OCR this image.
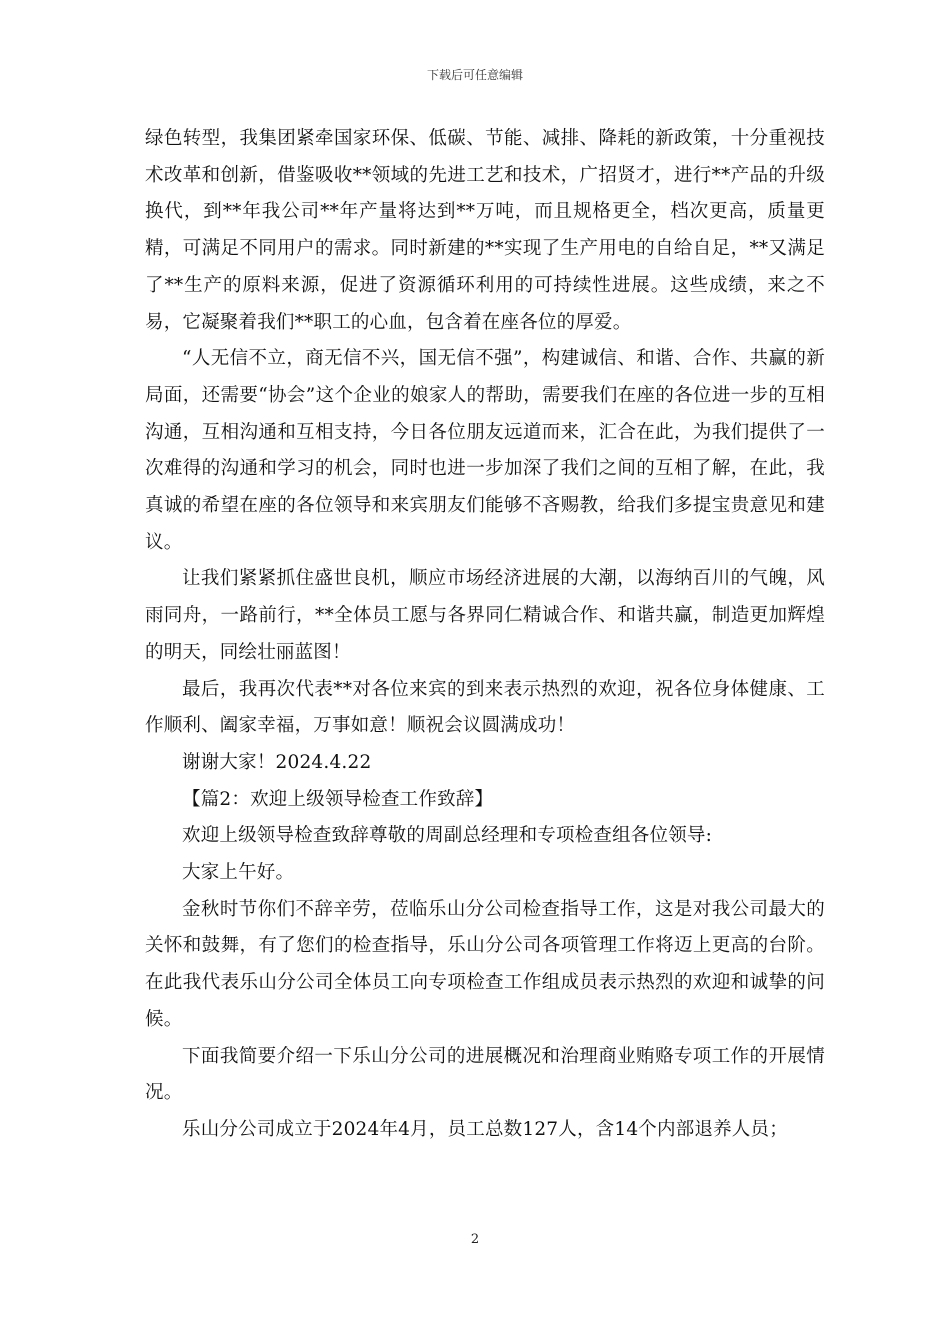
下载后可任意编辑

绿色转型，我集团紧牵国家环保、低碳、节能、减排、降耗的新政策，十分重视技术改革和创新，借鉴吸收**领域的先进工艺和技术，广招贤才，进行**产品的升级换代，到**年我公司**年产量将达到**万吨，而且规格更全，档次更高，质量更精，可满足不同用户的需求。同时新建的**实现了生产用电的自给自足，**又满足了**生产的原料来源，促进了资源循环利用的可持续性进展。这些成绩，来之不易，它凝聚着我们**职工的心血，包含着在座各位的厚爱。

“人无信不立，商无信不兴，国无信不强”，构建诚信、和谐、合作、共赢的新局面，还需要“协会”这个企业的娘家人的帮助，需要我们在座的各位进一步的互相沟通，互相沟通和互相支持，今日各位朋友远道而来，汇合在此，为我们提供了一次难得的沟通和学习的机会，同时也进一步加深了我们之间的互相了解，在此，我真诚的希望在座的各位领导和来宾朋友们能够不吝赐教，给我们多提宝贵意见和建议。

让我们紧紧抓住盛世良机，顺应市场经济进展的大潮，以海纳百川的气魄，风雨同舟，一路前行，**全体员工愿与各界同仁精诚合作、和谐共赢，制造更加辉煌的明天，同绘壮丽蓝图！

最后，我再次代表**对各位来宾的到来表示热烈的欢迎，祝各位身体健康、工作顺利、阖家幸福，万事如意！顺祝会议圆满成功！

谢谢大家！2024.4.22

【篇2：欢迎上级领导检查工作致辞】

欢迎上级领导检查致辞尊敬的周副总经理和专项检查组各位领导:

大家上午好。

金秋时节你们不辞辛劳，莅临乐山分公司检查指导工作，这是对我公司最大的关怀和鼓舞，有了您们的检查指导，乐山分公司各项管理工作将迈上更高的台阶。在此我代表乐山分公司全体员工向专项检查工作组成员表示热烈的欢迎和诚挚的问候。

下面我简要介绍一下乐山分公司的进展概况和治理商业贿赂专项工作的开展情况。

乐山分公司成立于2024年4月，员工总数127人，含14个内部退养人员；

2
